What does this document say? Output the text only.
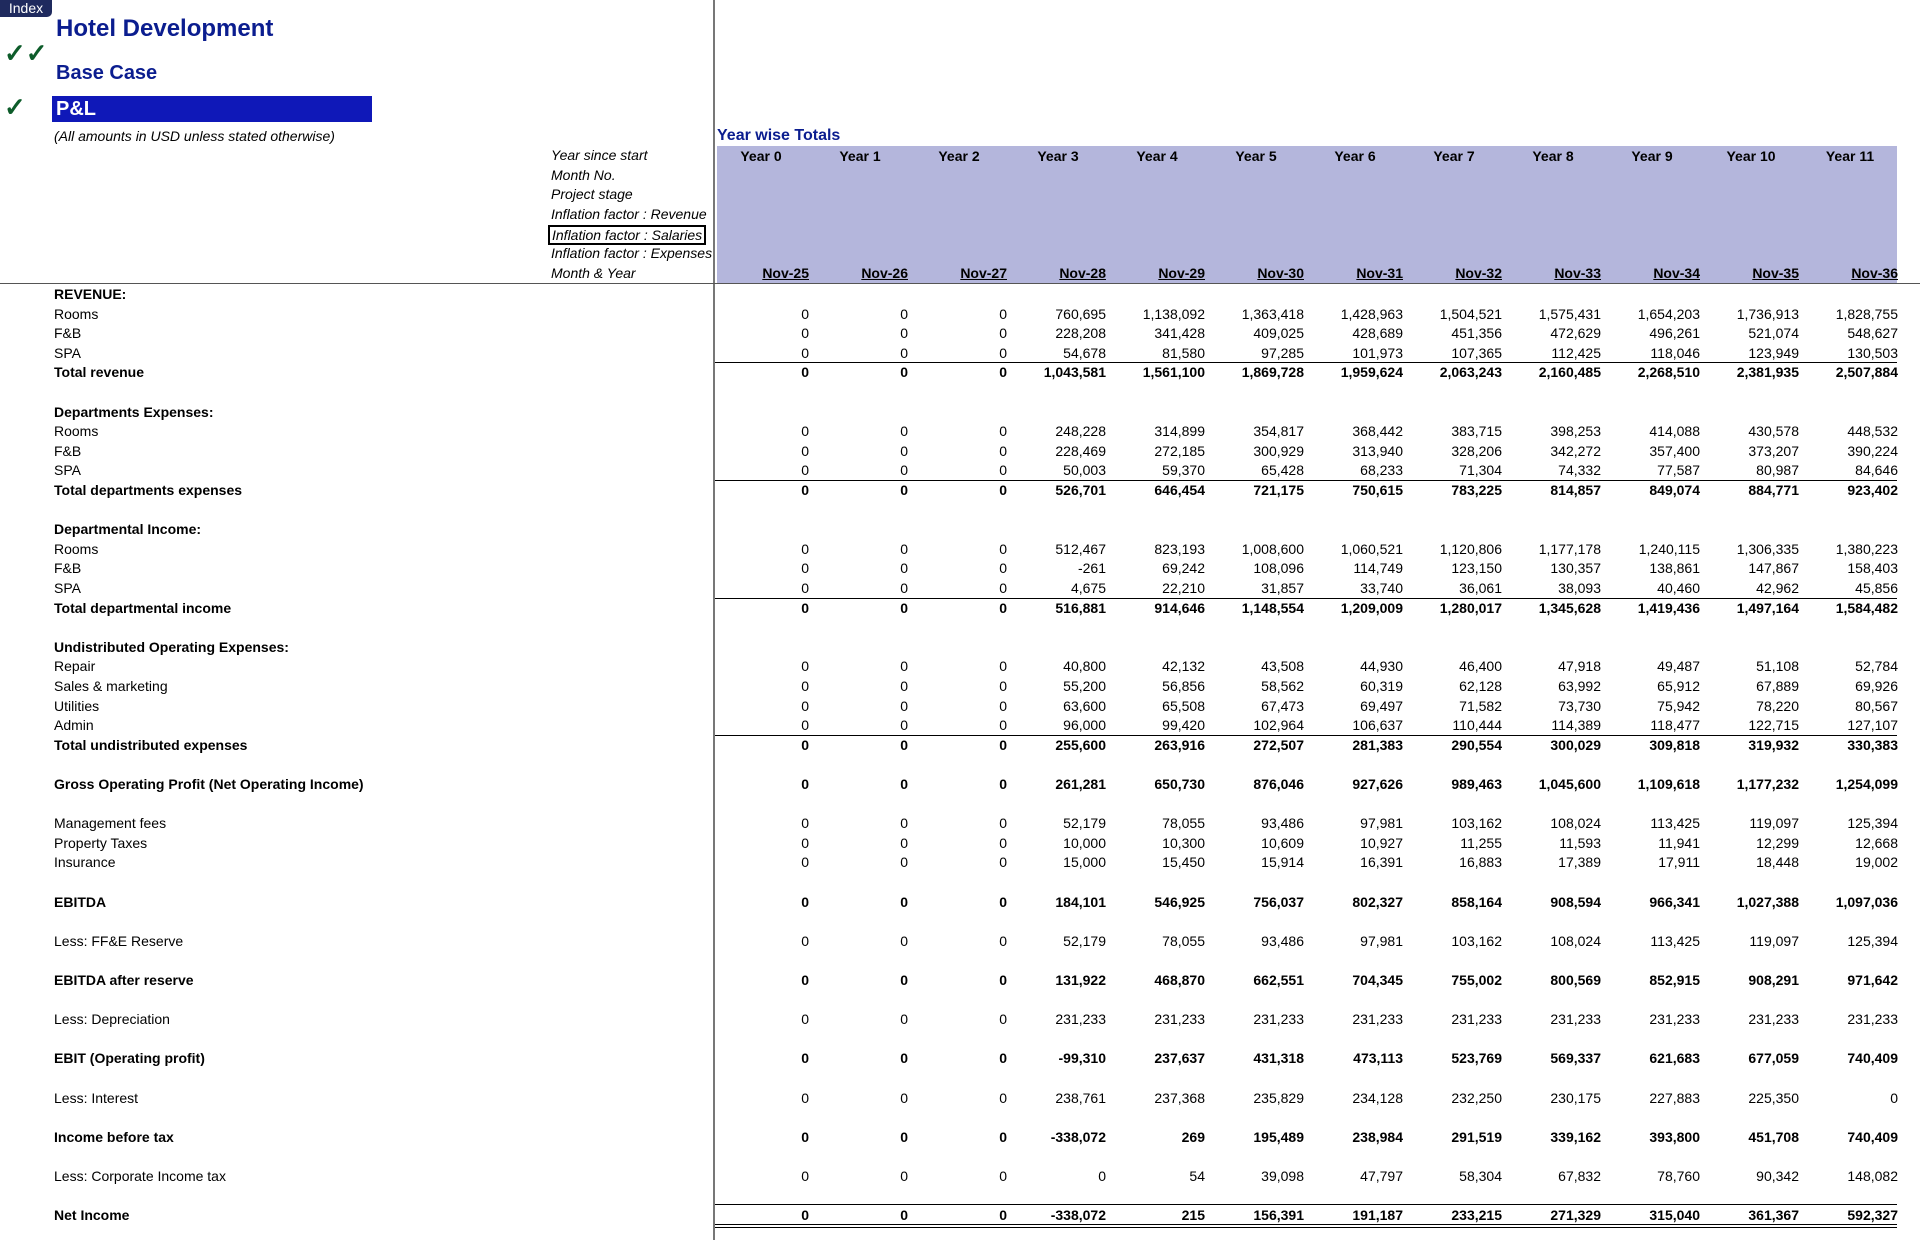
Index
Hotel Development
✓✓
Base Case
✓ P&L
(All amounts in USD unless stated otherwise)	Year wise Totals
Year since start
Month No.
Project stage
Inflation factor : Revenue
Inflation factor : Salaries
Inflation factor : Expenses
Month & Year
Year 0	Year 1	Year 2	Year 3	Year 4	Year 5	Year 6	Year 7	Year 8	Year 9	Year 10	Year 11
Nov-25	Nov-26	Nov-27	Nov-28	Nov-29	Nov-30	Nov-31	Nov-32	Nov-33	Nov-34	Nov-35	Nov-36
REVENUE:
Rooms	0	0	0	760,695	1,138,092	1,363,418	1,428,963	1,504,521	1,575,431	1,654,203	1,736,913	1,828,755
F&B	0	0	0	228,208	341,428	409,025	428,689	451,356	472,629	496,261	521,074	548,627
SPA	0	0	0	54,678	81,580	97,285	101,973	107,365	112,425	118,046	123,949	130,503
Total revenue	0	0	0	1,043,581	1,561,100	1,869,728	1,959,624	2,063,243	2,160,485	2,268,510	2,381,935	2,507,884
Departments Expenses:
Rooms	0	0	0	248,228	314,899	354,817	368,442	383,715	398,253	414,088	430,578	448,532
F&B	0	0	0	228,469	272,185	300,929	313,940	328,206	342,272	357,400	373,207	390,224
SPA	0	0	0	50,003	59,370	65,428	68,233	71,304	74,332	77,587	80,987	84,646
Total departments expenses	0	0	0	526,701	646,454	721,175	750,615	783,225	814,857	849,074	884,771	923,402
Departmental Income:
Rooms	0	0	0	512,467	823,193	1,008,600	1,060,521	1,120,806	1,177,178	1,240,115	1,306,335	1,380,223
F&B	0	0	0	-261	69,242	108,096	114,749	123,150	130,357	138,861	147,867	158,403
SPA	0	0	0	4,675	22,210	31,857	33,740	36,061	38,093	40,460	42,962	45,856
Total departmental income	0	0	0	516,881	914,646	1,148,554	1,209,009	1,280,017	1,345,628	1,419,436	1,497,164	1,584,482
Undistributed Operating Expenses:
Repair	0	0	0	40,800	42,132	43,508	44,930	46,400	47,918	49,487	51,108	52,784
Sales & marketing	0	0	0	55,200	56,856	58,562	60,319	62,128	63,992	65,912	67,889	69,926
Utilities	0	0	0	63,600	65,508	67,473	69,497	71,582	73,730	75,942	78,220	80,567
Admin	0	0	0	96,000	99,420	102,964	106,637	110,444	114,389	118,477	122,715	127,107
Total undistributed expenses	0	0	0	255,600	263,916	272,507	281,383	290,554	300,029	309,818	319,932	330,383
Gross Operating Profit (Net Operating Income)	0	0	0	261,281	650,730	876,046	927,626	989,463	1,045,600	1,109,618	1,177,232	1,254,099
Management fees	0	0	0	52,179	78,055	93,486	97,981	103,162	108,024	113,425	119,097	125,394
Property Taxes	0	0	0	10,000	10,300	10,609	10,927	11,255	11,593	11,941	12,299	12,668
Insurance	0	0	0	15,000	15,450	15,914	16,391	16,883	17,389	17,911	18,448	19,002
EBITDA	0	0	0	184,101	546,925	756,037	802,327	858,164	908,594	966,341	1,027,388	1,097,036
Less: FF&E Reserve	0	0	0	52,179	78,055	93,486	97,981	103,162	108,024	113,425	119,097	125,394
EBITDA after reserve	0	0	0	131,922	468,870	662,551	704,345	755,002	800,569	852,915	908,291	971,642
Less: Depreciation	0	0	0	231,233	231,233	231,233	231,233	231,233	231,233	231,233	231,233	231,233
EBIT (Operating profit)	0	0	0	-99,310	237,637	431,318	473,113	523,769	569,337	621,683	677,059	740,409
Less: Interest	0	0	0	238,761	237,368	235,829	234,128	232,250	230,175	227,883	225,350	0
Income before tax	0	0	0	-338,072	269	195,489	238,984	291,519	339,162	393,800	451,708	740,409
Less: Corporate Income tax	0	0	0	0	54	39,098	47,797	58,304	67,832	78,760	90,342	148,082
Net Income	0	0	0	-338,072	215	156,391	191,187	233,215	271,329	315,040	361,367	592,327
